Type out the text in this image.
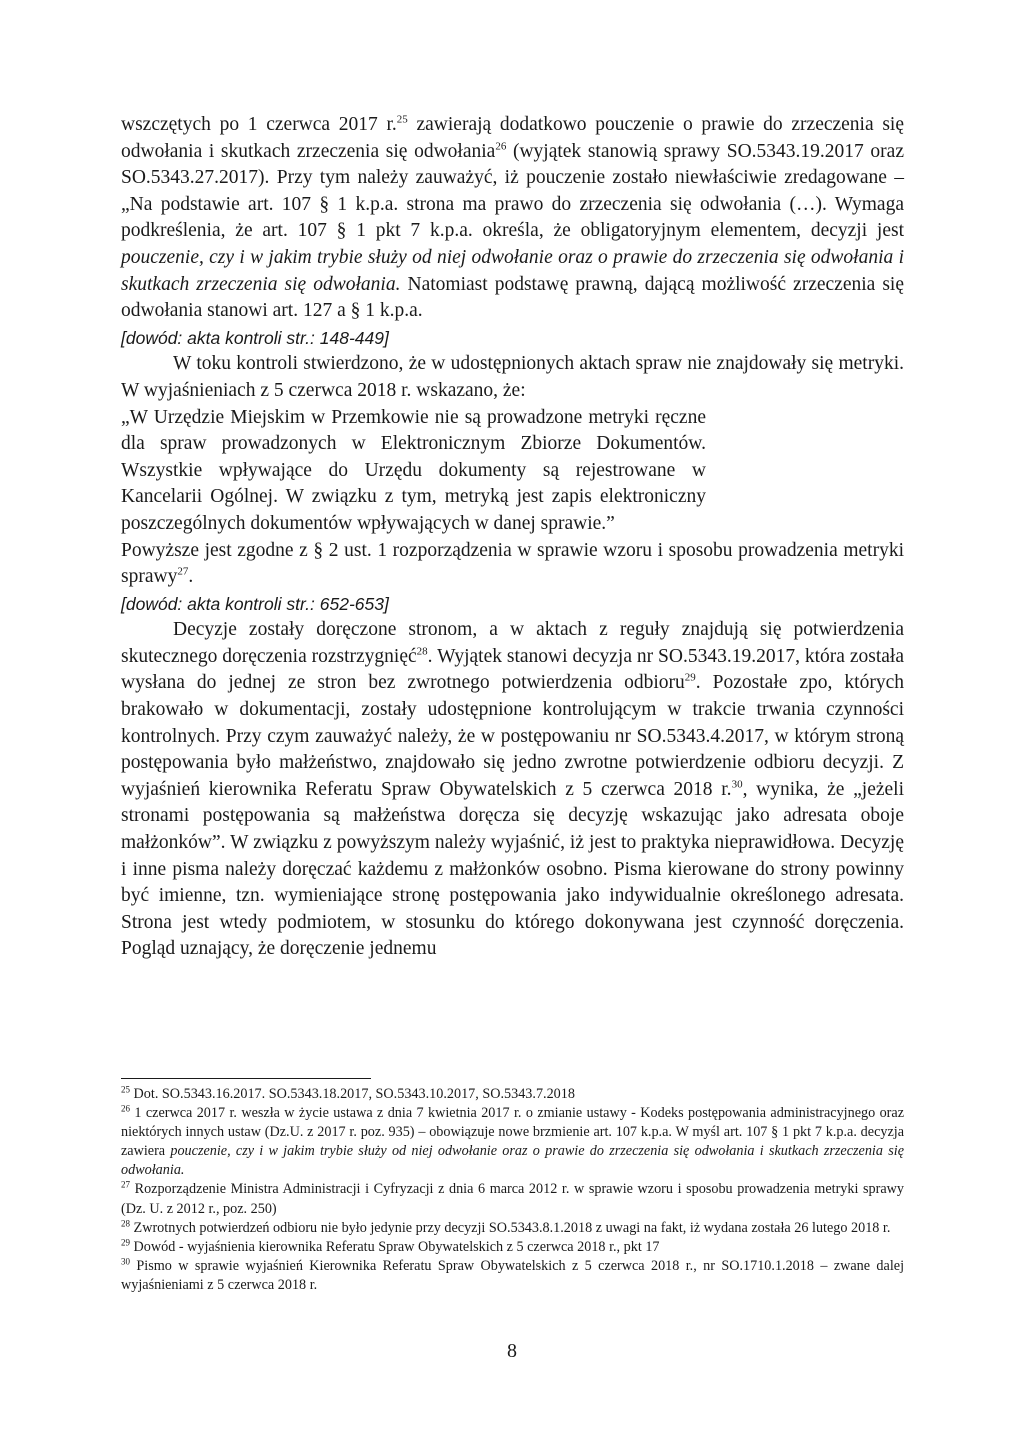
wszczętych po 1 czerwca 2017 r.$^{25}$ zawierają dodatkowo pouczenie o prawie do zrzeczenia się odwołania i skutkach zrzeczenia się odwołania$^{26}$ (wyjątek stanowią sprawy SO.5343.19.2017 oraz SO.5343.27.2017). Przy tym należy zauważyć, iż pouczenie zostało niewłaściwie zredagowane – „Na podstawie art. 107 § 1 k.p.a. strona ma prawo do zrzeczenia się odwołania (…). Wymaga podkreślenia, że art. 107 § 1 pkt 7 k.p.a. określa, że obligatoryjnym elementem, decyzji jest pouczenie, czy i w jakim trybie służy od niej odwołanie oraz o prawie do zrzeczenia się odwołania i skutkach zrzeczenia się odwołania. Natomiast podstawę prawną, dającą możliwość zrzeczenia się odwołania stanowi art. 127 a § 1 k.p.a.

[dowód: akta kontroli str.: 148-449]

W toku kontroli stwierdzono, że w udostępnionych aktach spraw nie znajdowały się metryki. W wyjaśnieniach z 5 czerwca 2018 r. wskazano, że:

„W Urzędzie Miejskim w Przemkowie nie są prowadzone metryki ręczne dla spraw prowadzonych w Elektronicznym Zbiorze Dokumentów. Wszystkie wpływające do Urzędu dokumenty są rejestrowane w Kancelarii Ogólnej. W związku z tym, metryką jest zapis elektroniczny poszczególnych dokumentów wpływających w danej sprawie.”

Powyższe jest zgodne z § 2 ust. 1 rozporządzenia w sprawie wzoru i sposobu prowadzenia metryki sprawy$^{27}$.

[dowód: akta kontroli str.: 652-653]

Decyzje zostały doręczone stronom, a w aktach z reguły znajdują się potwierdzenia skutecznego doręczenia rozstrzygnięć$^{28}$. Wyjątek stanowi decyzja nr SO.5343.19.2017, która została wysłana do jednej ze stron bez zwrotnego potwierdzenia odbioru$^{29}$. Pozostałe zpo, których brakowało w dokumentacji, zostały udostępnione kontrolującym w trakcie trwania czynności kontrolnych. Przy czym zauważyć należy, że w postępowaniu nr SO.5343.4.2017, w którym stroną postępowania było małżeństwo, znajdowało się jedno zwrotne potwierdzenie odbioru decyzji. Z wyjaśnień kierownika Referatu Spraw Obywatelskich z 5 czerwca 2018 r.$^{30}$, wynika, że „jeżeli stronami postępowania są małżeństwa doręcza się decyzję wskazując jako adresata oboje małżonków”. W związku z powyższym należy wyjaśnić, iż jest to praktyka nieprawidłowa. Decyzję i inne pisma należy doręczać każdemu z małżonków osobno. Pisma kierowane do strony powinny być imienne, tzn. wymieniające stronę postępowania jako indywidualnie określonego adresata. Strona jest wtedy podmiotem, w stosunku do którego dokonywana jest czynność doręczenia. Pogląd uznający, że doręczenie jednemu

$^{25}$ Dot. SO.5343.16.2017. SO.5343.18.2017, SO.5343.10.2017, SO.5343.7.2018

$^{26}$ 1 czerwca 2017 r. weszła w życie ustawa z dnia 7 kwietnia 2017 r. o zmianie ustawy - Kodeks postępowania administracyjnego oraz niektórych innych ustaw (Dz.U. z 2017 r. poz. 935) – obowiązuje nowe brzmienie art. 107 k.p.a. W myśl art. 107 § 1 pkt 7 k.p.a. decyzja zawiera pouczenie, czy i w jakim trybie służy od niej odwołanie oraz o prawie do zrzeczenia się odwołania i skutkach zrzeczenia się odwołania.

$^{27}$ Rozporządzenie Ministra Administracji i Cyfryzacji z dnia 6 marca 2012 r. w sprawie wzoru i sposobu prowadzenia metryki sprawy (Dz. U. z 2012 r., poz. 250)

$^{28}$ Zwrotnych potwierdzeń odbioru nie było jedynie przy decyzji SO.5343.8.1.2018 z uwagi na fakt, iż wydana została 26 lutego 2018 r.

$^{29}$ Dowód - wyjaśnienia kierownika Referatu Spraw Obywatelskich z 5 czerwca 2018 r., pkt 17

$^{30}$ Pismo w sprawie wyjaśnień Kierownika Referatu Spraw Obywatelskich z 5 czerwca 2018 r., nr SO.1710.1.2018 – zwane dalej wyjaśnieniami z 5 czerwca 2018 r.

8
